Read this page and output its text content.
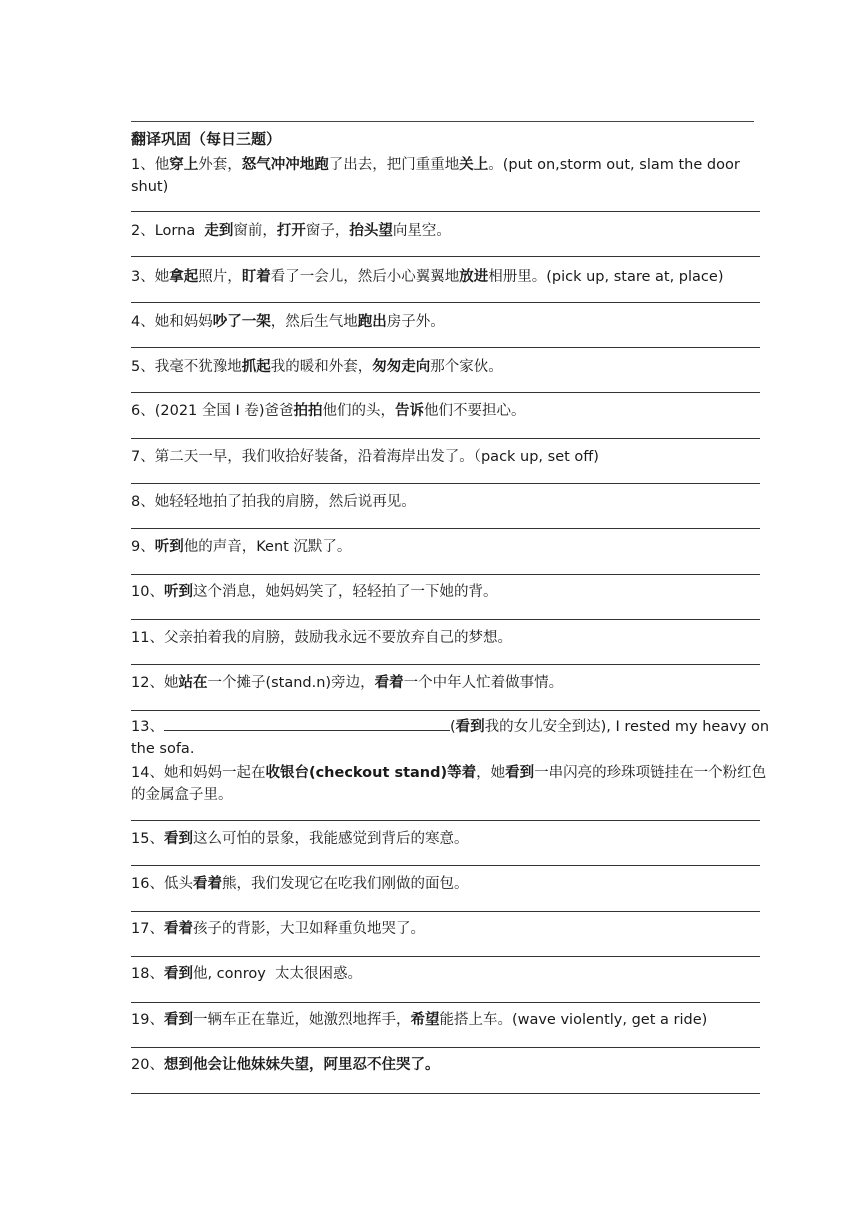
翻译巩固（每日三题）
1、他穿上外套，怒气冲冲地跑了出去，把门重重地关上。(put on,storm out, slam the door shut)
2、Lorna  走到窗前，打开窗子，抬头望向星空。
3、她拿起照片，盯着看了一会儿，然后小心翼翼地放进相册里。(pick up, stare at, place)
4、她和妈妈吵了一架，然后生气地跑出房子外。
5、我毫不犹豫地抓起我的暖和外套，匆匆走向那个家伙。
6、(2021 全国 I 卷)爸爸拍拍他们的头，告诉他们不要担心。
7、第二天一早，我们收拾好装备，沿着海岸出发了。（pack up, set off)
8、她轻轻地拍了拍我的肩膀，然后说再见。
9、听到他的声音，Kent 沉默了。
10、听到这个消息，她妈妈笑了，轻轻拍了一下她的背。
11、父亲拍着我的肩膀，鼓励我永远不要放弃自己的梦想。
12、她站在一个摊子(stand.n)旁边，看着一个中年人忙着做事情。
13、	(看到我的女儿安全到达), I rested my heavy on the sofa.
14、她和妈妈一起在收银台(checkout stand)等着，她看到一串闪亮的珍珠项链挂在一个粉红色的金属盒子里。
15、看到这么可怕的景象，我能感觉到背后的寒意。
16、低头看着熊，我们发现它在吃我们刚做的面包。
17、看着孩子的背影，大卫如释重负地哭了。
18、看到他, conroy  太太很困惑。
19、看到一辆车正在靠近，她激烈地挥手，希望能搭上车。(wave violently, get a ride)
20、想到他会让他妹妹失望，阿里忍不住哭了。
